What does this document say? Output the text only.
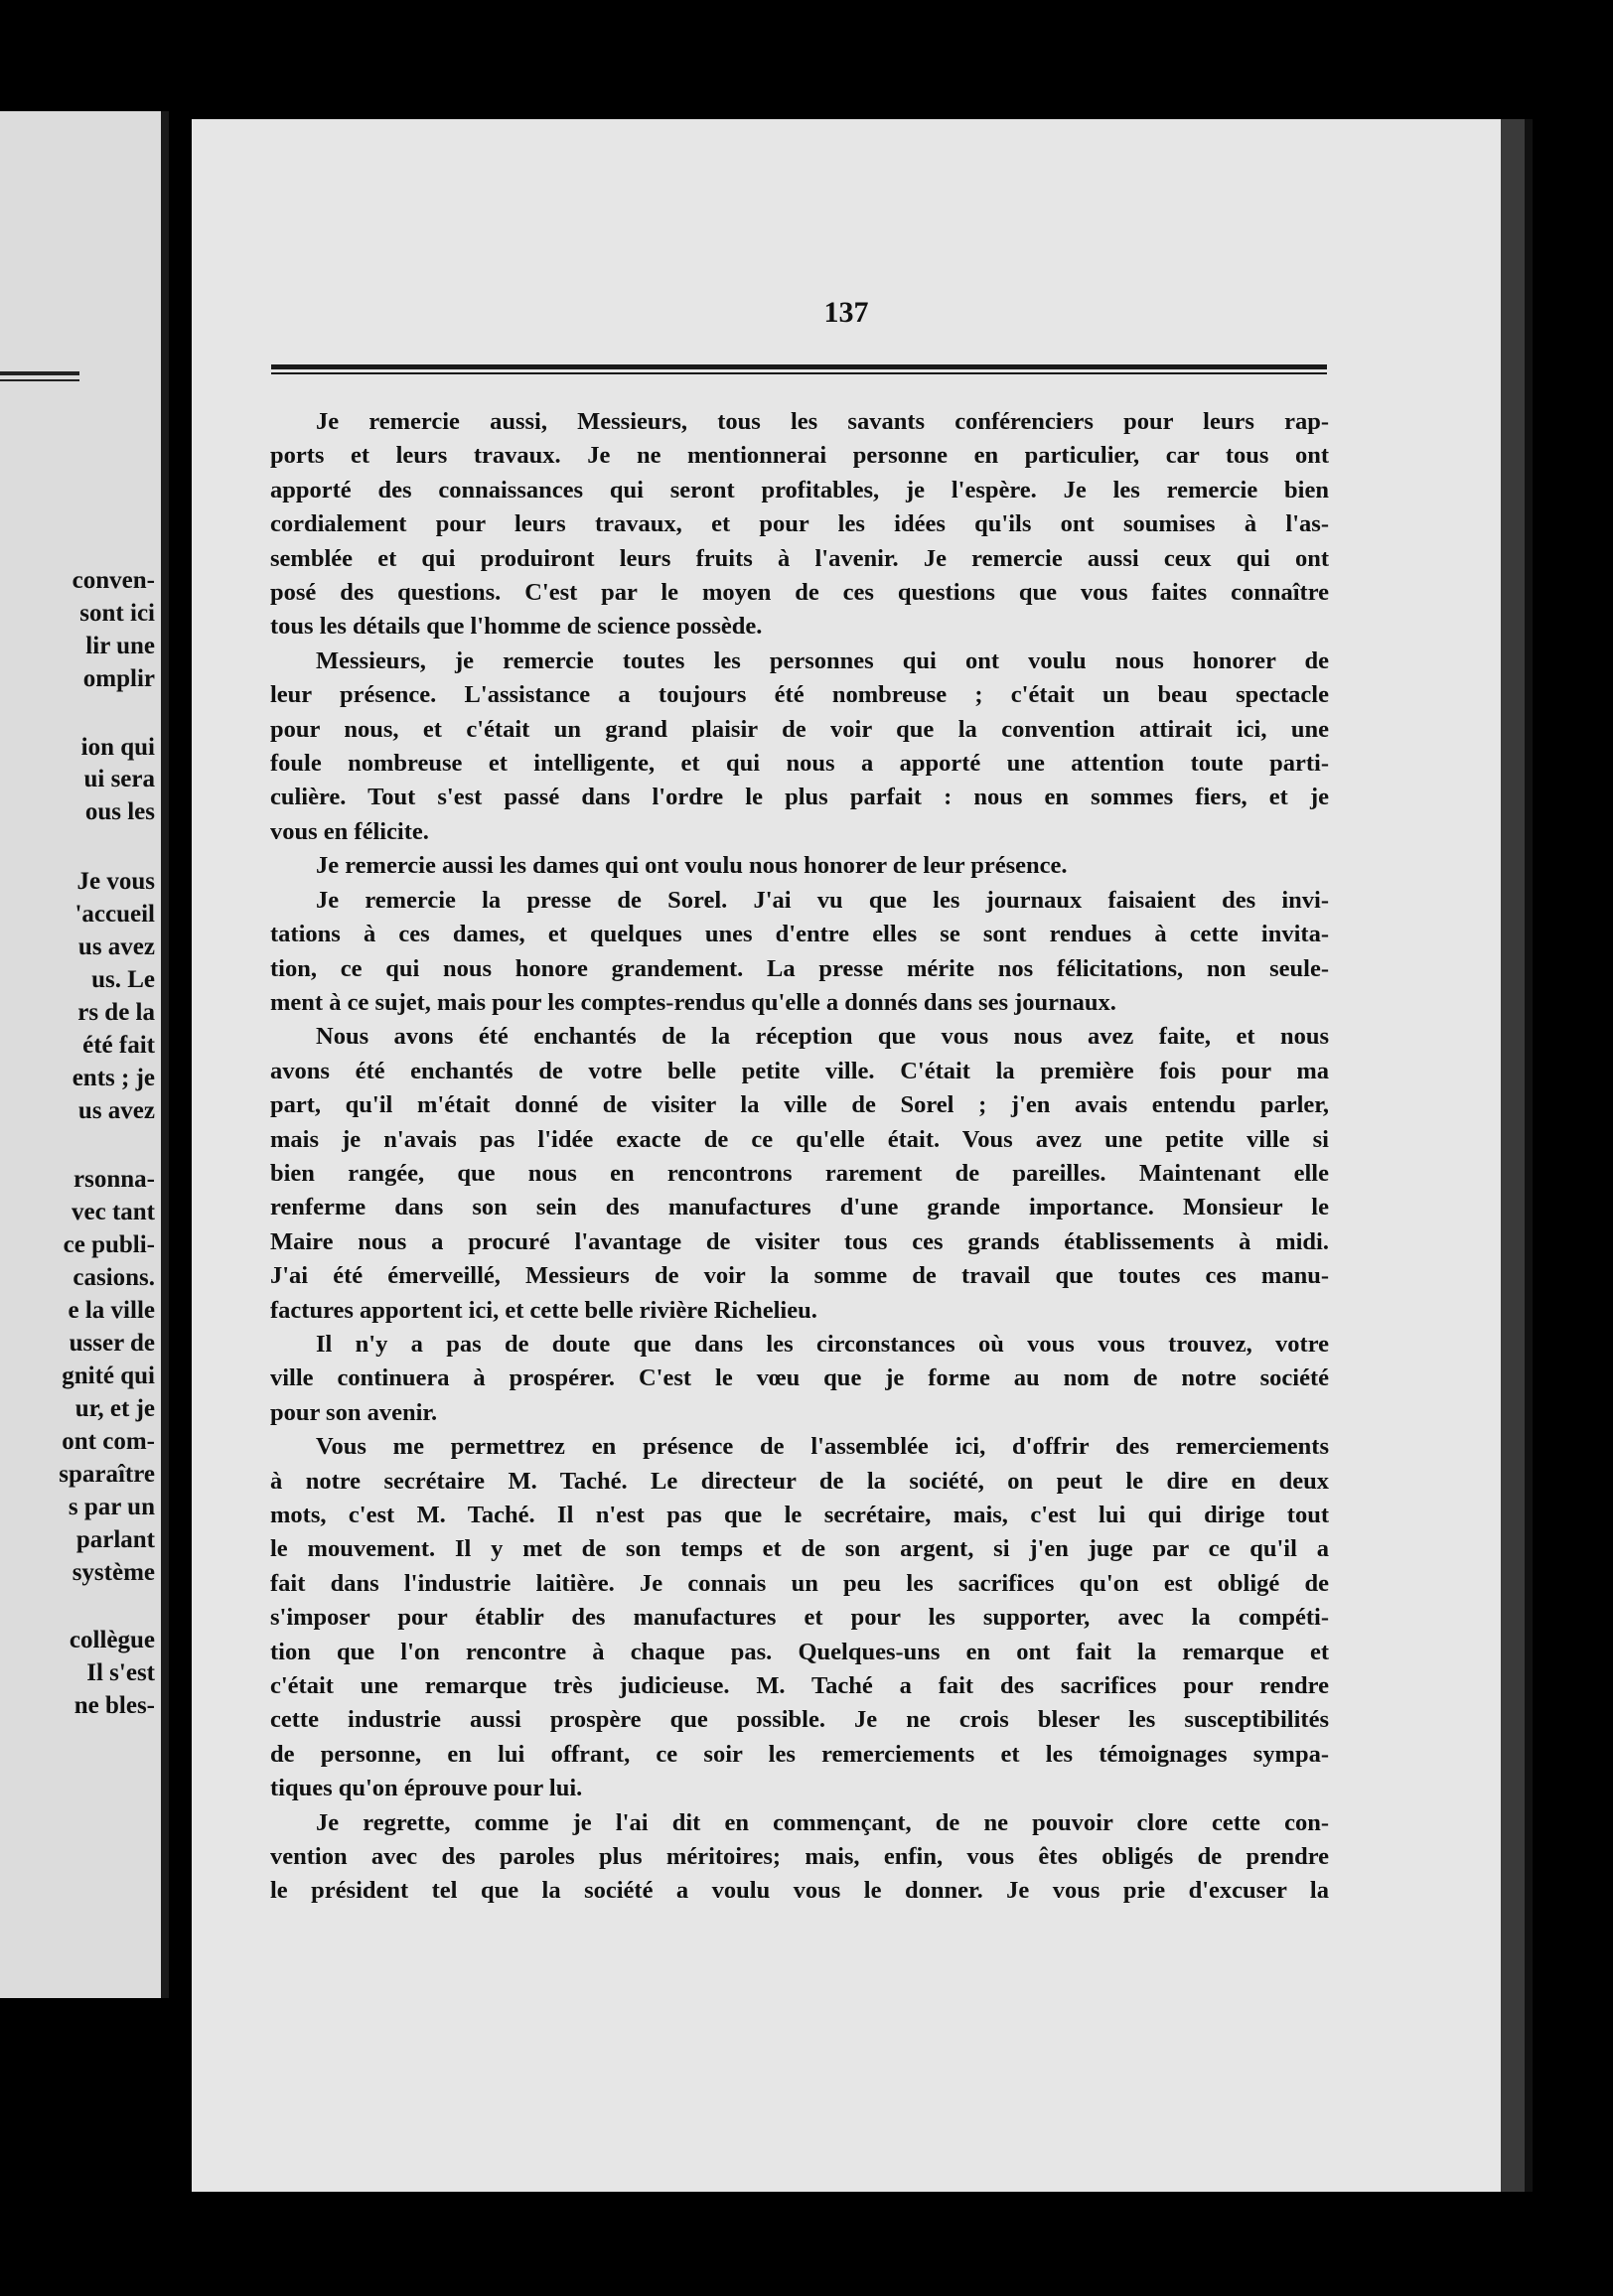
conven-
sont ici
lir une
omplir
ion qui
ui sera
ous les
Je vous
'accueil
us avez
us. Le
rs de la
été fait
ents ; je
us avez
rsonna-
vec tant
ce publi-
casions.
e la ville
usser de
gnité qui
ur, et je
ont com-
sparaître
s par un
parlant
système
collègue
Il s'est
ne bles-
137
Je remercie aussi, Messieurs, tous les savants conférenciers pour leurs rap-
ports et leurs travaux. Je ne mentionnerai personne en particulier, car tous ont
apporté des connaissances qui seront profitables, je l'espère. Je les remercie bien
cordialement pour leurs travaux, et pour les idées qu'ils ont soumises à l'as-
semblée et qui produiront leurs fruits à l'avenir. Je remercie aussi ceux qui ont
posé des questions. C'est par le moyen de ces questions que vous faites connaître
tous les détails que l'homme de science possède.
Messieurs, je remercie toutes les personnes qui ont voulu nous honorer de
leur présence. L'assistance a toujours été nombreuse ; c'était un beau spectacle
pour nous, et c'était un grand plaisir de voir que la convention attirait ici, une
foule nombreuse et intelligente, et qui nous a apporté une attention toute parti-
culière. Tout s'est passé dans l'ordre le plus parfait : nous en sommes fiers, et je
vous en félicite.
Je remercie aussi les dames qui ont voulu nous honorer de leur présence.
Je remercie la presse de Sorel. J'ai vu que les journaux faisaient des invi-
tations à ces dames, et quelques unes d'entre elles se sont rendues à cette invita-
tion, ce qui nous honore grandement. La presse mérite nos félicitations, non seule-
ment à ce sujet, mais pour les comptes-rendus qu'elle a donnés dans ses journaux.
Nous avons été enchantés de la réception que vous nous avez faite, et nous
avons été enchantés de votre belle petite ville. C'était la première fois pour ma
part, qu'il m'était donné de visiter la ville de Sorel ; j'en avais entendu parler,
mais je n'avais pas l'idée exacte de ce qu'elle était. Vous avez une petite ville si
bien rangée, que nous en rencontrons rarement de pareilles. Maintenant elle
renferme dans son sein des manufactures d'une grande importance. Monsieur le
Maire nous a procuré l'avantage de visiter tous ces grands établissements à midi.
J'ai été émerveillé, Messieurs de voir la somme de travail que toutes ces manu-
factures apportent ici, et cette belle rivière Richelieu.
Il n'y a pas de doute que dans les circonstances où vous vous trouvez, votre
ville continuera à prospérer. C'est le vœu que je forme au nom de notre société
pour son avenir.
Vous me permettrez en présence de l'assemblée ici, d'offrir des remerciements
à notre secrétaire M. Taché. Le directeur de la société, on peut le dire en deux
mots, c'est M. Taché. Il n'est pas que le secrétaire, mais, c'est lui qui dirige tout
le mouvement. Il y met de son temps et de son argent, si j'en juge par ce qu'il a
fait dans l'industrie laitière. Je connais un peu les sacrifices qu'on est obligé de
s'imposer pour établir des manufactures et pour les supporter, avec la compéti-
tion que l'on rencontre à chaque pas. Quelques-uns en ont fait la remarque et
c'était une remarque très judicieuse. M. Taché a fait des sacrifices pour rendre
cette industrie aussi prospère que possible. Je ne crois bleser les susceptibilités
de personne, en lui offrant, ce soir les remerciements et les témoignages sympa-
tiques qu'on éprouve pour lui.
Je regrette, comme je l'ai dit en commençant, de ne pouvoir clore cette con-
vention avec des paroles plus méritoires; mais, enfin, vous êtes obligés de prendre
le président tel que la société a voulu vous le donner. Je vous prie d'excuser la
